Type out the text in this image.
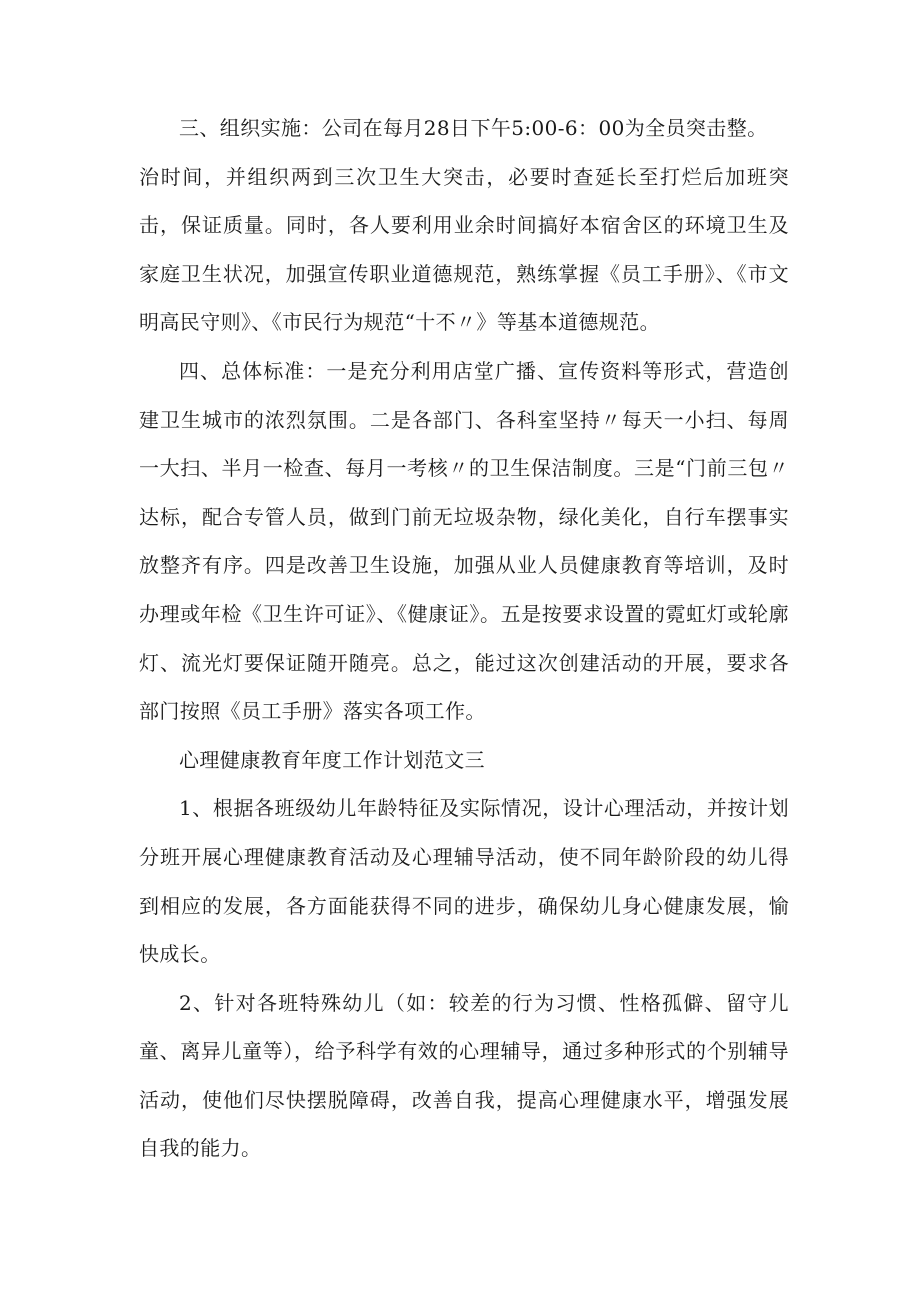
三、组织实施：公司在每月28日下午5:00-6：00为全员突击整。

治时间，并组织两到三次卫生大突击，必要时查延长至打烂后加班突击，保证质量。同时，各人要利用业余时间搞好本宿舍区的环境卫生及家庭卫生状况，加强宣传职业道德规范，熟练掌握《员工手册》、《市文明高民守则》、《市民行为规范“十不〃》等基本道德规范。

四、总体标准：一是充分利用店堂广播、宣传资料等形式，营造创建卫生城市的浓烈氛围。二是各部门、各科室坚持〃每天一小扫、每周一大扫、半月一检查、每月一考核〃的卫生保洁制度。三是“门前三包〃达标，配合专管人员，做到门前无垃圾杂物，绿化美化，自行车摆事实放整齐有序。四是改善卫生设施，加强从业人员健康教育等培训，及时办理或年检《卫生许可证》、《健康证》。五是按要求设置的霓虹灯或轮廓灯、流光灯要保证随开随亮。总之，能过这次创建活动的开展，要求各部门按照《员工手册》落实各项工作。

心理健康教育年度工作计划范文三

1、根据各班级幼儿年龄特征及实际情况，设计心理活动，并按计划分班开展心理健康教育活动及心理辅导活动，使不同年龄阶段的幼儿得到相应的发展，各方面能获得不同的进步，确保幼儿身心健康发展，愉快成长。

2、针对各班特殊幼儿（如：较差的行为习惯、性格孤僻、留守儿童、离异儿童等），给予科学有效的心理辅导，通过多种形式的个别辅导活动，使他们尽快摆脱障碍，改善自我，提高心理健康水平，增强发展自我的能力。
